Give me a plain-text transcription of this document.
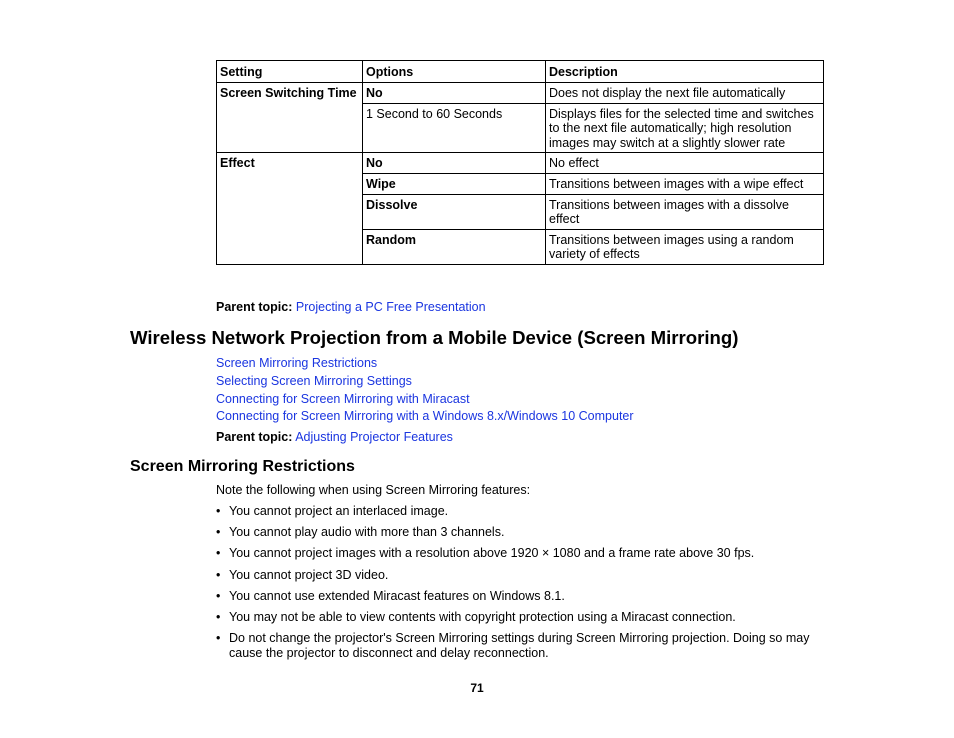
Setting	Options	Description
Screen Switching Time	No	Does not display the next file automatically
	1 Second to 60 Seconds	Displays files for the selected time and switches to the next file automatically; high resolution images may switch at a slightly slower rate
Effect	No	No effect
	Wipe	Transitions between images with a wipe effect
	Dissolve	Transitions between images with a dissolve effect
	Random	Transitions between images using a random variety of effects
Parent topic: Projecting a PC Free Presentation
Wireless Network Projection from a Mobile Device (Screen Mirroring)
Screen Mirroring Restrictions
Selecting Screen Mirroring Settings
Connecting for Screen Mirroring with Miracast
Connecting for Screen Mirroring with a Windows 8.x/Windows 10 Computer
Parent topic: Adjusting Projector Features
Screen Mirroring Restrictions
Note the following when using Screen Mirroring features:
• You cannot project an interlaced image.
• You cannot play audio with more than 3 channels.
• You cannot project images with a resolution above 1920 × 1080 and a frame rate above 30 fps.
• You cannot project 3D video.
• You cannot use extended Miracast features on Windows 8.1.
• You may not be able to view contents with copyright protection using a Miracast connection.
• Do not change the projector's Screen Mirroring settings during Screen Mirroring projection. Doing so may cause the projector to disconnect and delay reconnection.
71
